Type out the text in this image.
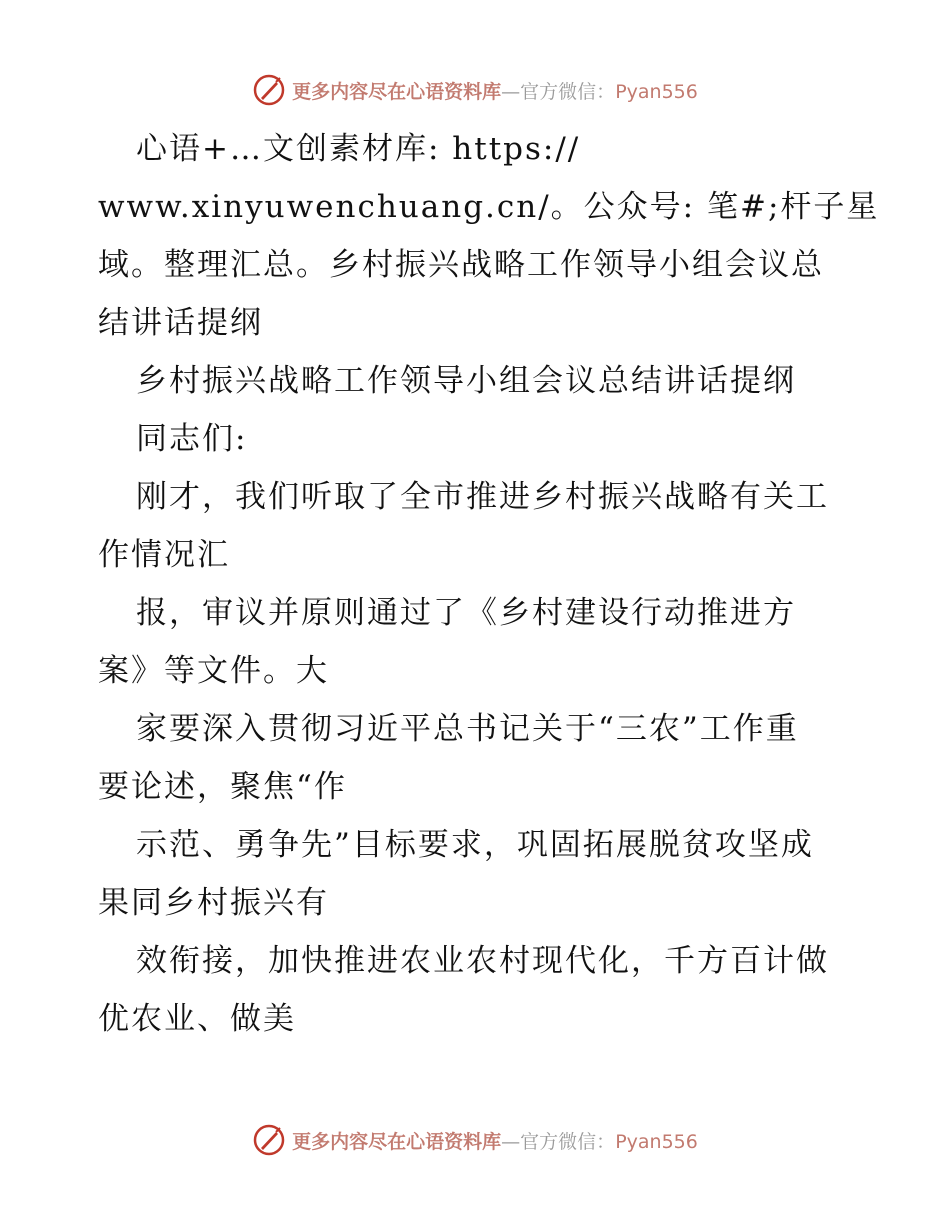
更多内容尽在心语资料库—官方微信：Pyan556
心语+…文创素材库: https://
www.xinyuwenchuang.cn/。公众号: 笔#;杆子星
域。整理汇总。乡村振兴战略工作领导小组会议总
结讲话提纲
乡村振兴战略工作领导小组会议总结讲话提纲
同志们:
刚才，我们听取了全市推进乡村振兴战略有关工
作情况汇
报，审议并原则通过了《乡村建设行动推进方
案》等文件。大
家要深入贯彻习近平总书记关于“三农”工作重
要论述，聚焦“作
示范、勇争先”目标要求，巩固拓展脱贫攻坚成
果同乡村振兴有
效衔接，加快推进农业农村现代化，千方百计做
优农业、做美
更多内容尽在心语资料库—官方微信：Pyan556
